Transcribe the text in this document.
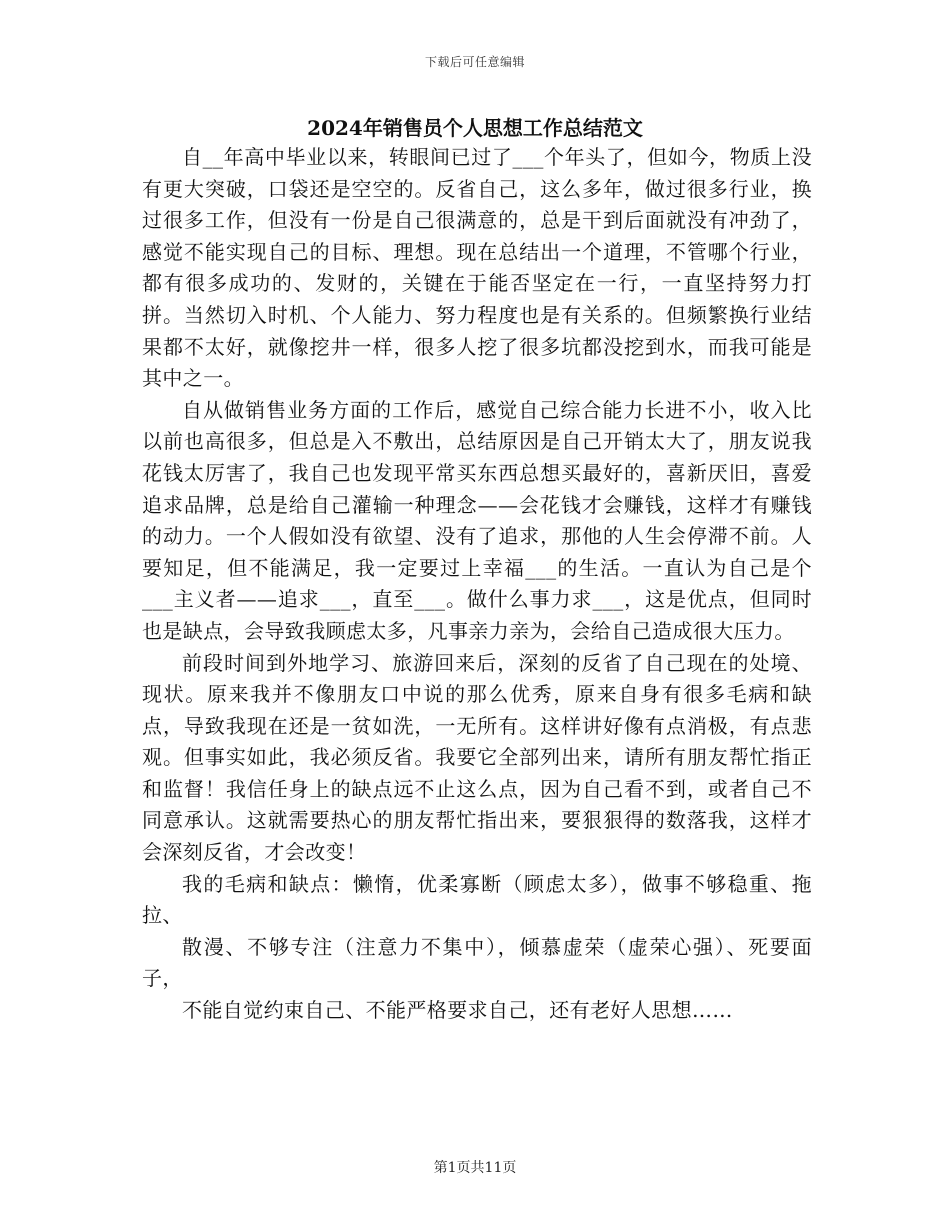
下载后可任意编辑
2024年销售员个人思想工作总结范文

自__年高中毕业以来，转眼间已过了___个年头了，但如今，物质上没有更大突破，口袋还是空空的。反省自己，这么多年，做过很多行业，换过很多工作，但没有一份是自己很满意的，总是干到后面就没有冲劲了，感觉不能实现自己的目标、理想。现在总结出一个道理，不管哪个行业，都有很多成功的、发财的，关键在于能否坚定在一行，一直坚持努力打拼。当然切入时机、个人能力、努力程度也是有关系的。但频繁换行业结果都不太好，就像挖井一样，很多人挖了很多坑都没挖到水，而我可能是其中之一。

自从做销售业务方面的工作后，感觉自己综合能力长进不小，收入比以前也高很多，但总是入不敷出，总结原因是自己开销太大了，朋友说我花钱太厉害了，我自己也发现平常买东西总想买最好的，喜新厌旧，喜爱追求品牌，总是给自己灌输一种理念——会花钱才会赚钱，这样才有赚钱的动力。一个人假如没有欲望、没有了追求，那他的人生会停滞不前。人要知足，但不能满足，我一定要过上幸福___的生活。一直认为自己是个___主义者——追求___，直至___。做什么事力求___，这是优点，但同时也是缺点，会导致我顾虑太多，凡事亲力亲为，会给自己造成很大压力。

前段时间到外地学习、旅游回来后，深刻的反省了自己现在的处境、现状。原来我并不像朋友口中说的那么优秀，原来自身有很多毛病和缺点，导致我现在还是一贫如洗，一无所有。这样讲好像有点消极，有点悲观。但事实如此，我必须反省。我要它全部列出来，请所有朋友帮忙指正和监督！我信任身上的缺点远不止这么点，因为自己看不到，或者自己不同意承认。这就需要热心的朋友帮忙指出来，要狠狠得的数落我，这样才会深刻反省，才会改变！

我的毛病和缺点：懒惰，优柔寡断（顾虑太多），做事不够稳重、拖拉、

散漫、不够专注（注意力不集中），倾慕虚荣（虚荣心强）、死要面子，

不能自觉约束自己、不能严格要求自己，还有老好人思想……

第1页共11页
